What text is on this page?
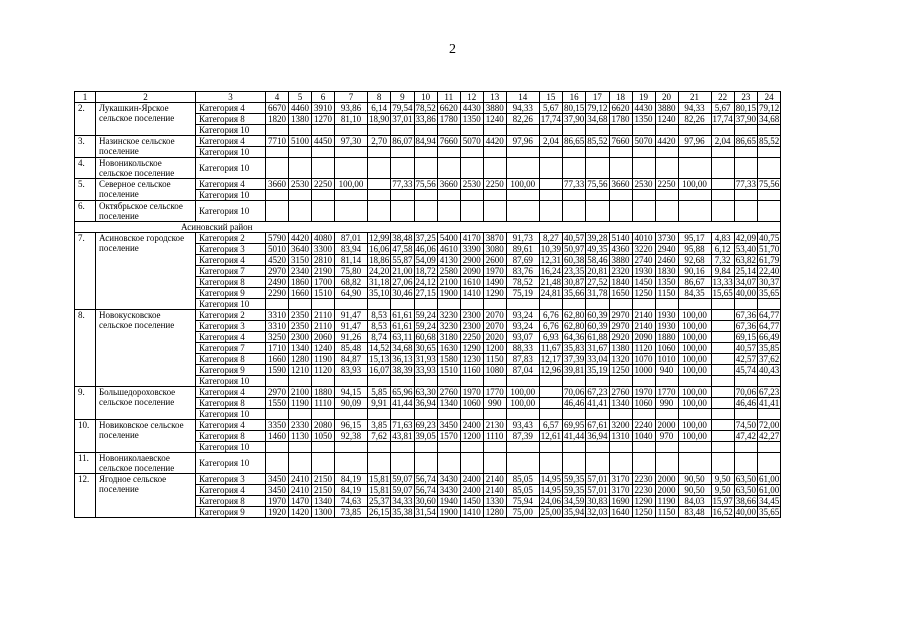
2
1	2	3	4	5	6	7	8	9	10	11	12	13	14	15	16	17	18	19	20	21	22	23	24
2.	Лукашкин-Ярское сельское поселение	Категория 4	6670	4460	3910	93,86	6,14	79,54	78,52	6620	4430	3880	94,33	5,67	80,15	79,12	6620	4430	3880	94,33	5,67	80,15	79,12
		Категория 8	1820	1380	1270	81,10	18,90	37,01	33,86	1780	1350	1240	82,26	17,74	37,90	34,68	1780	1350	1240	82,26	17,74	37,90	34,68
		Категория 10																					
3.	Назинское сельское поселение	Категория 4	7710	5100	4450	97,30	2,70	86,07	84,94	7660	5070	4420	97,96	2,04	86,65	85,52	7660	5070	4420	97,96	2,04	86,65	85,52
		Категория 10																					
4.	Новоникольское сельское поселение	Категория 10																					
5.	Северное сельское поселение	Категория 4	3660	2530	2250	100,00		77,33	75,56	3660	2530	2250	100,00		77,33	75,56	3660	2530	2250	100,00		77,33	75,56
		Категория 10																					
6.	Октябрьское сельское поселение	Категория 10																					
Асиновский район																							
7.	Асиновское городское поселение	Категория 2	5790	4420	4080	87,01	12,99	38,48	37,25	5400	4170	3870	91,73	8,27	40,57	39,28	5140	4010	3730	95,17	4,83	42,09	40,75
		Категория 3	5010	3640	3300	83,94	16,06	47,58	46,06	4610	3390	3080	89,61	10,39	50,97	49,35	4360	3220	2940	95,88	6,12	53,40	51,70
		Категория 4	4520	3150	2810	81,14	18,86	55,87	54,09	4130	2900	2600	87,69	12,31	60,38	58,46	3880	2740	2460	92,68	7,32	63,82	61,79
		Категория 7	2970	2340	2190	75,80	24,20	21,00	18,72	2580	2090	1970	83,76	16,24	23,35	20,81	2320	1930	1830	90,16	9,84	25,14	22,40
		Категория 8	2490	1860	1700	68,82	31,18	27,06	24,12	2100	1610	1490	78,52	21,48	30,87	27,52	1840	1450	1350	86,67	13,33	34,07	30,37
		Категория 9	2290	1660	1510	64,90	35,10	30,46	27,15	1900	1410	1290	75,19	24,81	35,66	31,78	1650	1250	1150	84,35	15,65	40,00	35,65
		Категория 10																					
8.	Новокусковское сельское поселение	Категория 2	3310	2350	2110	91,47	8,53	61,61	59,24	3230	2300	2070	93,24	6,76	62,80	60,39	2970	2140	1930	100,00		67,36	64,77
		Категория 3	3310	2350	2110	91,47	8,53	61,61	59,24	3230	2300	2070	93,24	6,76	62,80	60,39	2970	2140	1930	100,00		67,36	64,77
		Категория 4	3250	2300	2060	91,26	8,74	63,11	60,68	3180	2250	2020	93,07	6,93	64,36	61,88	2920	2090	1880	100,00		69,15	66,49
		Категория 7	1710	1340	1240	85,48	14,52	34,68	30,65	1630	1290	1200	88,33	11,67	35,83	31,67	1380	1120	1060	100,00		40,57	35,85
		Категория 8	1660	1280	1190	84,87	15,13	36,13	31,93	1580	1230	1150	87,83	12,17	37,39	33,04	1320	1070	1010	100,00		42,57	37,62
		Категория 9	1590	1210	1120	83,93	16,07	38,39	33,93	1510	1160	1080	87,04	12,96	39,81	35,19	1250	1000	940	100,00		45,74	40,43
		Категория 10																					
9.	Большедороховское сельское поселение	Категория 4	2970	2100	1880	94,15	5,85	65,96	63,30	2760	1970	1770	100,00		70,06	67,23	2760	1970	1770	100,00		70,06	67,23
		Категория 8	1550	1190	1110	90,09	9,91	41,44	36,94	1340	1060	990	100,00		46,46	41,41	1340	1060	990	100,00		46,46	41,41
		Категория 10																					
10.	Новиковское сельское поселение	Категория 4	3350	2330	2080	96,15	3,85	71,63	69,23	3450	2400	2130	93,43	6,57	69,95	67,61	3200	2240	2000	100,00		74,50	72,00
		Категория 8	1460	1130	1050	92,38	7,62	43,81	39,05	1570	1200	1110	87,39	12,61	41,44	36,94	1310	1040	970	100,00		47,42	42,27
		Категория 10																					
11.	Новониколаевское сельское поселение	Категория 10																					
12.	Ягодное сельское поселение	Категория 3	3450	2410	2150	84,19	15,81	59,07	56,74	3430	2400	2140	85,05	14,95	59,35	57,01	3170	2230	2000	90,50	9,50	63,50	61,00
		Категория 4	3450	2410	2150	84,19	15,81	59,07	56,74	3430	2400	2140	85,05	14,95	59,35	57,01	3170	2230	2000	90,50	9,50	63,50	61,00
		Категория 8	1970	1470	1340	74,63	25,37	34,33	30,60	1940	1450	1330	75,94	24,06	34,59	30,83	1690	1290	1190	84,03	15,97	38,66	34,45
		Категория 9	1920	1420	1300	73,85	26,15	35,38	31,54	1900	1410	1280	75,00	25,00	35,94	32,03	1640	1250	1150	83,48	16,52	40,00	35,65
